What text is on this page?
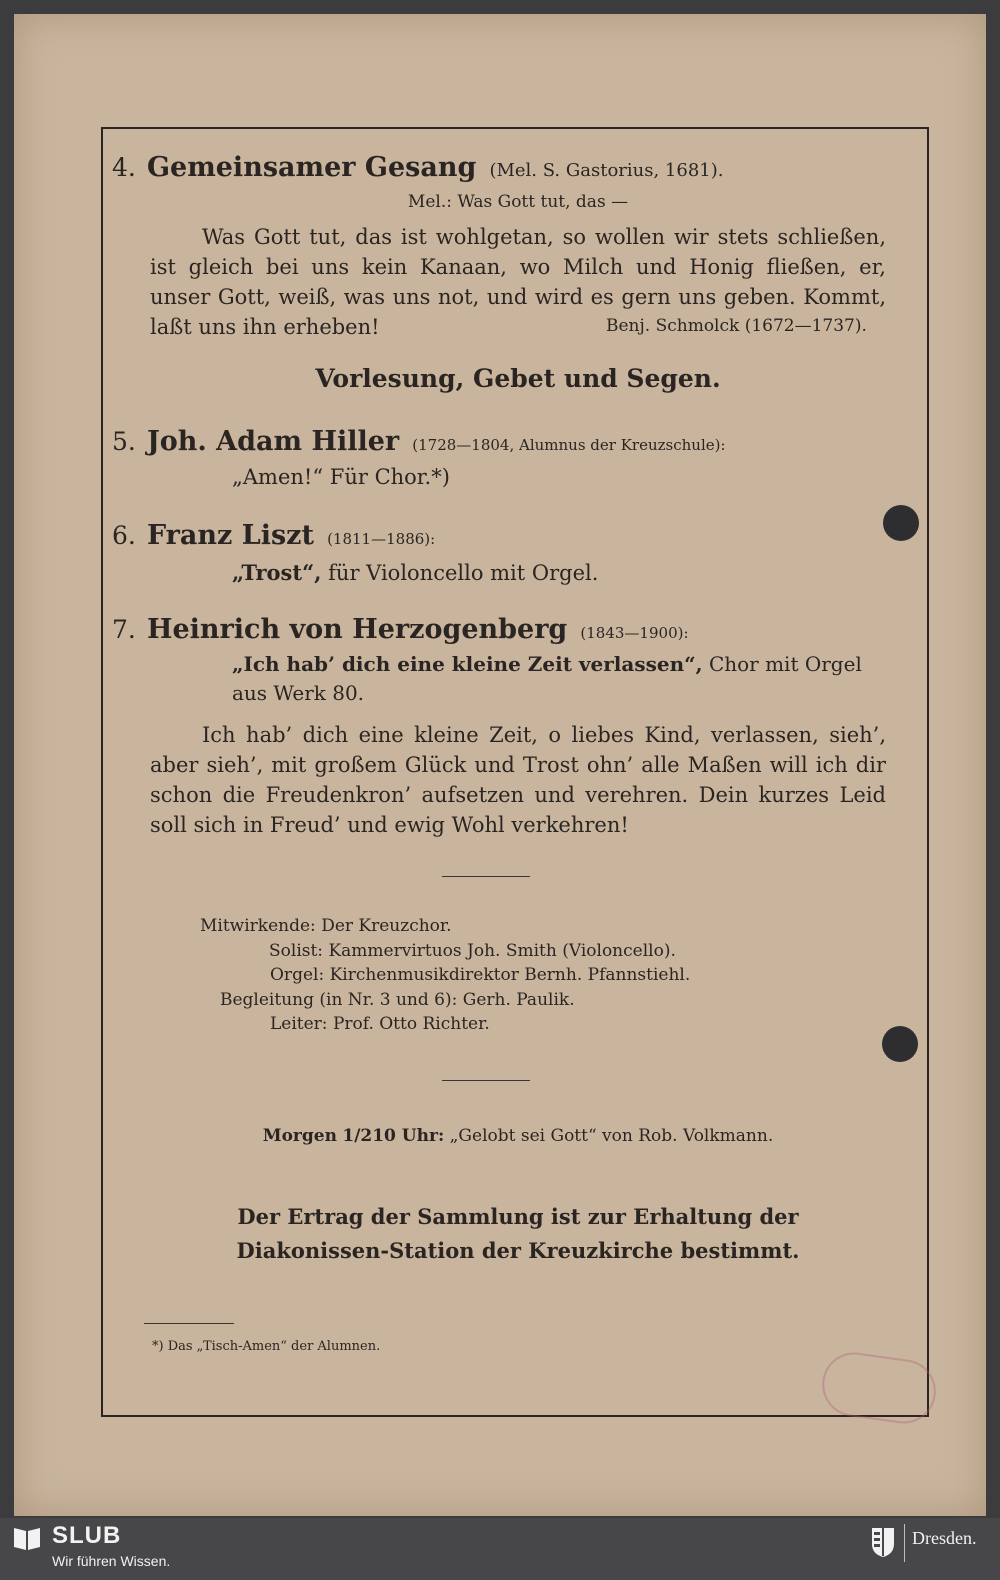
4. Gemeinsamer Gesang (Mel. S. Gastorius, 1681).
Mel.: Was Gott tut, das —
Was Gott tut, das ist wohlgetan, so wollen wir stets schließen, ist gleich bei uns kein Kanaan, wo Milch und Honig fließen, er, unser Gott, weiß, was uns not, und wird es gern uns geben. Kommt, laßt uns ihn erheben!	Benj. Schmolck (1672—1737).
Vorlesung, Gebet und Segen.
5. Joh. Adam Hiller (1728—1804, Alumnus der Kreuzschule):
„Amen!“ Für Chor.*)
6. Franz Liszt (1811—1886):
„Trost“, für Violoncello mit Orgel.
7. Heinrich von Herzogenberg (1843—1900):
„Ich hab’ dich eine kleine Zeit verlassen“, Chor mit Orgel
aus Werk 80.
Ich hab’ dich eine kleine Zeit, o liebes Kind, verlassen, sieh’, aber sieh’, mit großem Glück und Trost ohn’ alle Maßen will ich dir schon die Freudenkron’ aufsetzen und verehren. Dein kurzes Leid soll sich in Freud’ und ewig Wohl verkehren!
Mitwirkende: Der Kreuzchor.
Solist: Kammervirtuos Joh. Smith (Violoncello).
Orgel: Kirchenmusikdirektor Bernh. Pfannstiehl.
Begleitung (in Nr. 3 und 6): Gerh. Paulik.
Leiter: Prof. Otto Richter.
Morgen 1/210 Uhr: „Gelobt sei Gott“ von Rob. Volkmann.
Der Ertrag der Sammlung ist zur Erhaltung der
Diakonissen-Station der Kreuzkirche bestimmt.
*) Das „Tisch-Amen“ der Alumnen.
SLUB
Wir führen Wissen.
Dresden.
